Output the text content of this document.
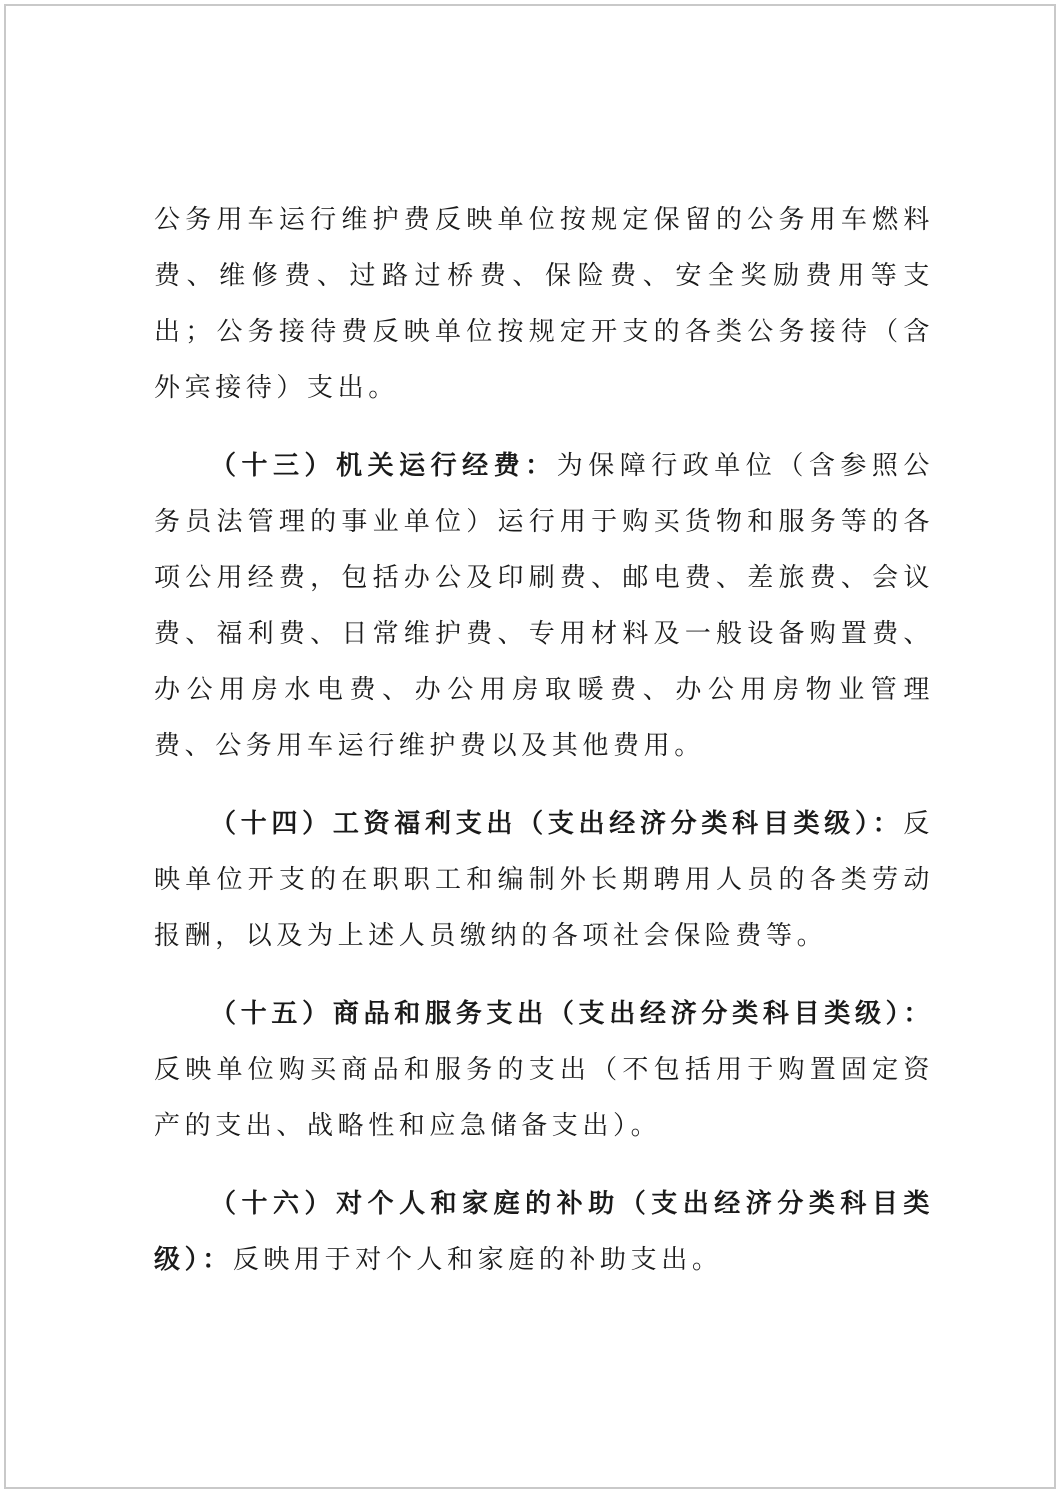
公务用车运行维护费反映单位按规定保留的公务用车燃料费、维修费、过路过桥费、保险费、安全奖励费用等支出；公务接待费反映单位按规定开支的各类公务接待（含外宾接待）支出。

（十三）机关运行经费：为保障行政单位（含参照公务员法管理的事业单位）运行用于购买货物和服务等的各项公用经费，包括办公及印刷费、邮电费、差旅费、会议费、福利费、日常维护费、专用材料及一般设备购置费、办公用房水电费、办公用房取暖费、办公用房物业管理费、公务用车运行维护费以及其他费用。

（十四）工资福利支出（支出经济分类科目类级）：反映单位开支的在职职工和编制外长期聘用人员的各类劳动报酬，以及为上述人员缴纳的各项社会保险费等。

（十五）商品和服务支出（支出经济分类科目类级）：反映单位购买商品和服务的支出（不包括用于购置固定资产的支出、战略性和应急储备支出）。

（十六）对个人和家庭的补助（支出经济分类科目类级）：反映用于对个人和家庭的补助支出。
